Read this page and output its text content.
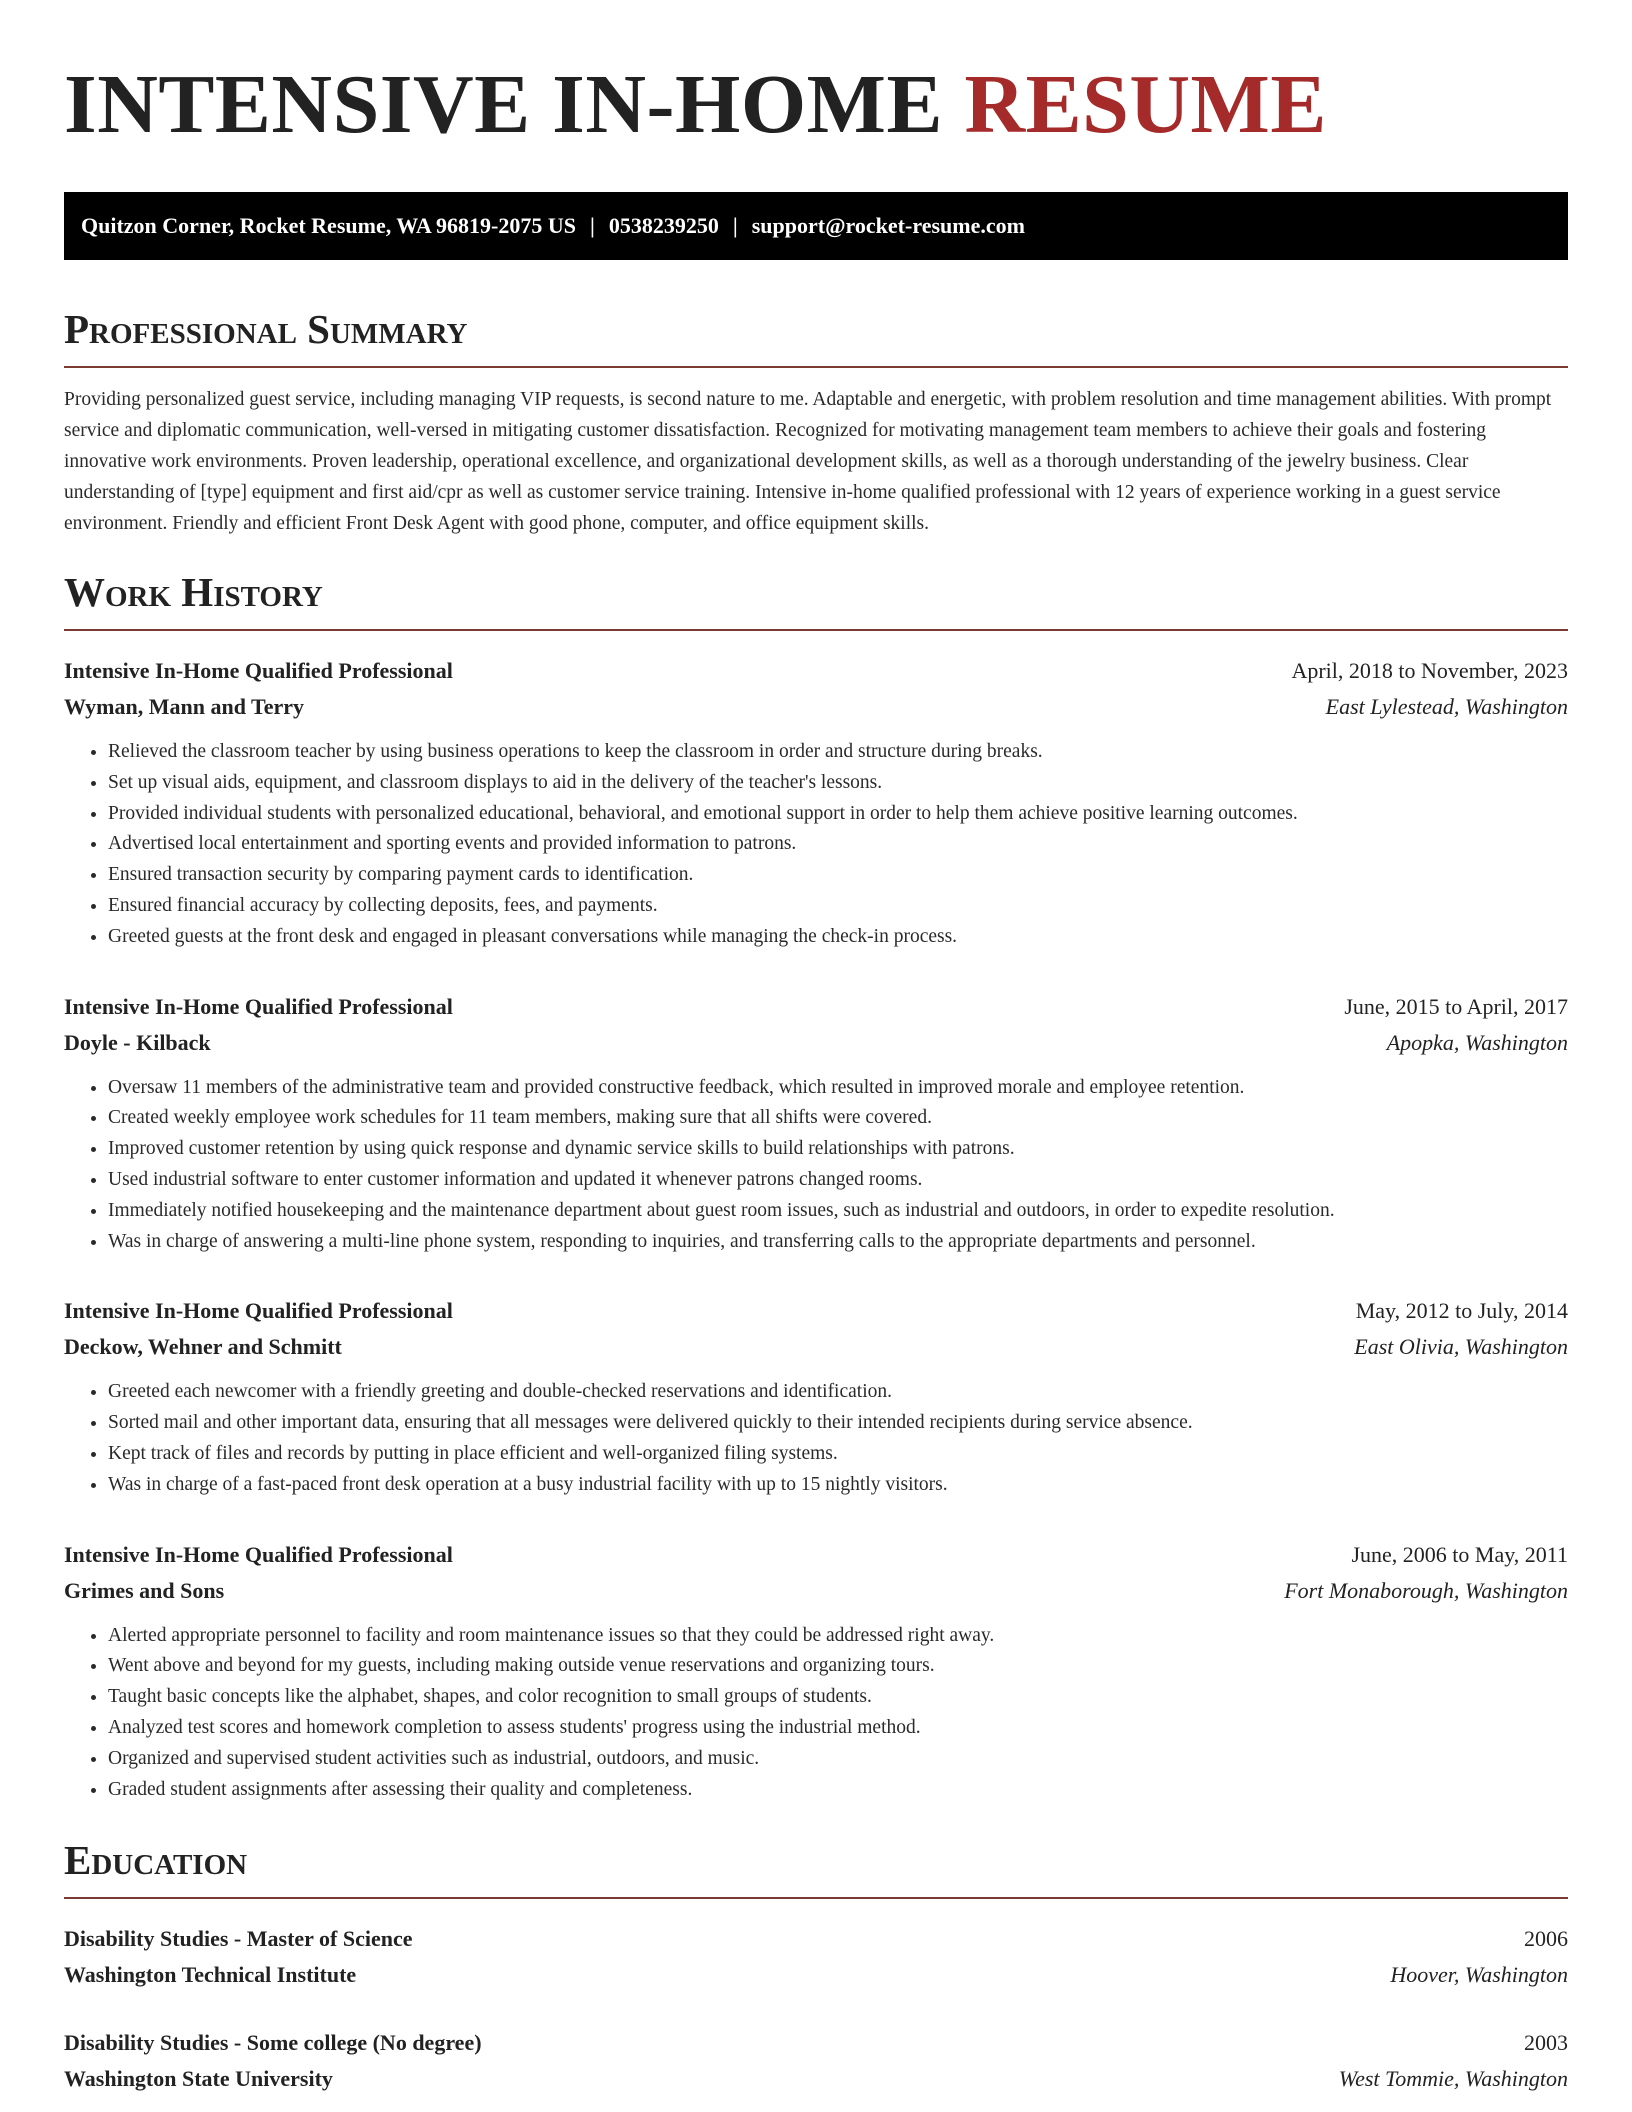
INTENSIVE IN-HOME RESUME
Quitzon Corner, Rocket Resume, WA 96819-2075 US | 0538239250 | support@rocket-resume.com
Professional Summary

Providing personalized guest service, including managing VIP requests, is second nature to me. Adaptable and energetic, with problem resolution and time management abilities. With prompt service and diplomatic communication, well-versed in mitigating customer dissatisfaction. Recognized for motivating management team members to achieve their goals and fostering innovative work environments. Proven leadership, operational excellence, and organizational development skills, as well as a thorough understanding of the jewelry business. Clear understanding of [type] equipment and first aid/cpr as well as customer service training. Intensive in-home qualified professional with 12 years of experience working in a guest service environment. Friendly and efficient Front Desk Agent with good phone, computer, and office equipment skills.

Work History
Intensive In-Home Qualified Professional	April, 2018 to November, 2023
Wyman, Mann and Terry	East Lylestead, Washington
• Relieved the classroom teacher by using business operations to keep the classroom in order and structure during breaks.
• Set up visual aids, equipment, and classroom displays to aid in the delivery of the teacher's lessons.
• Provided individual students with personalized educational, behavioral, and emotional support in order to help them achieve positive learning outcomes.
• Advertised local entertainment and sporting events and provided information to patrons.
• Ensured transaction security by comparing payment cards to identification.
• Ensured financial accuracy by collecting deposits, fees, and payments.
• Greeted guests at the front desk and engaged in pleasant conversations while managing the check-in process.
Intensive In-Home Qualified Professional	June, 2015 to April, 2017
Doyle - Kilback	Apopka, Washington
• Oversaw 11 members of the administrative team and provided constructive feedback, which resulted in improved morale and employee retention.
• Created weekly employee work schedules for 11 team members, making sure that all shifts were covered.
• Improved customer retention by using quick response and dynamic service skills to build relationships with patrons.
• Used industrial software to enter customer information and updated it whenever patrons changed rooms.
• Immediately notified housekeeping and the maintenance department about guest room issues, such as industrial and outdoors, in order to expedite resolution.
• Was in charge of answering a multi-line phone system, responding to inquiries, and transferring calls to the appropriate departments and personnel.
Intensive In-Home Qualified Professional	May, 2012 to July, 2014
Deckow, Wehner and Schmitt	East Olivia, Washington
• Greeted each newcomer with a friendly greeting and double-checked reservations and identification.
• Sorted mail and other important data, ensuring that all messages were delivered quickly to their intended recipients during service absence.
• Kept track of files and records by putting in place efficient and well-organized filing systems.
• Was in charge of a fast-paced front desk operation at a busy industrial facility with up to 15 nightly visitors.
Intensive In-Home Qualified Professional	June, 2006 to May, 2011
Grimes and Sons	Fort Monaborough, Washington
• Alerted appropriate personnel to facility and room maintenance issues so that they could be addressed right away.
• Went above and beyond for my guests, including making outside venue reservations and organizing tours.
• Taught basic concepts like the alphabet, shapes, and color recognition to small groups of students.
• Analyzed test scores and homework completion to assess students' progress using the industrial method.
• Organized and supervised student activities such as industrial, outdoors, and music.
• Graded student assignments after assessing their quality and completeness.
Education
Disability Studies - Master of Science	2006
Washington Technical Institute	Hoover, Washington
Disability Studies - Some college (No degree)	2003
Washington State University	West Tommie, Washington
